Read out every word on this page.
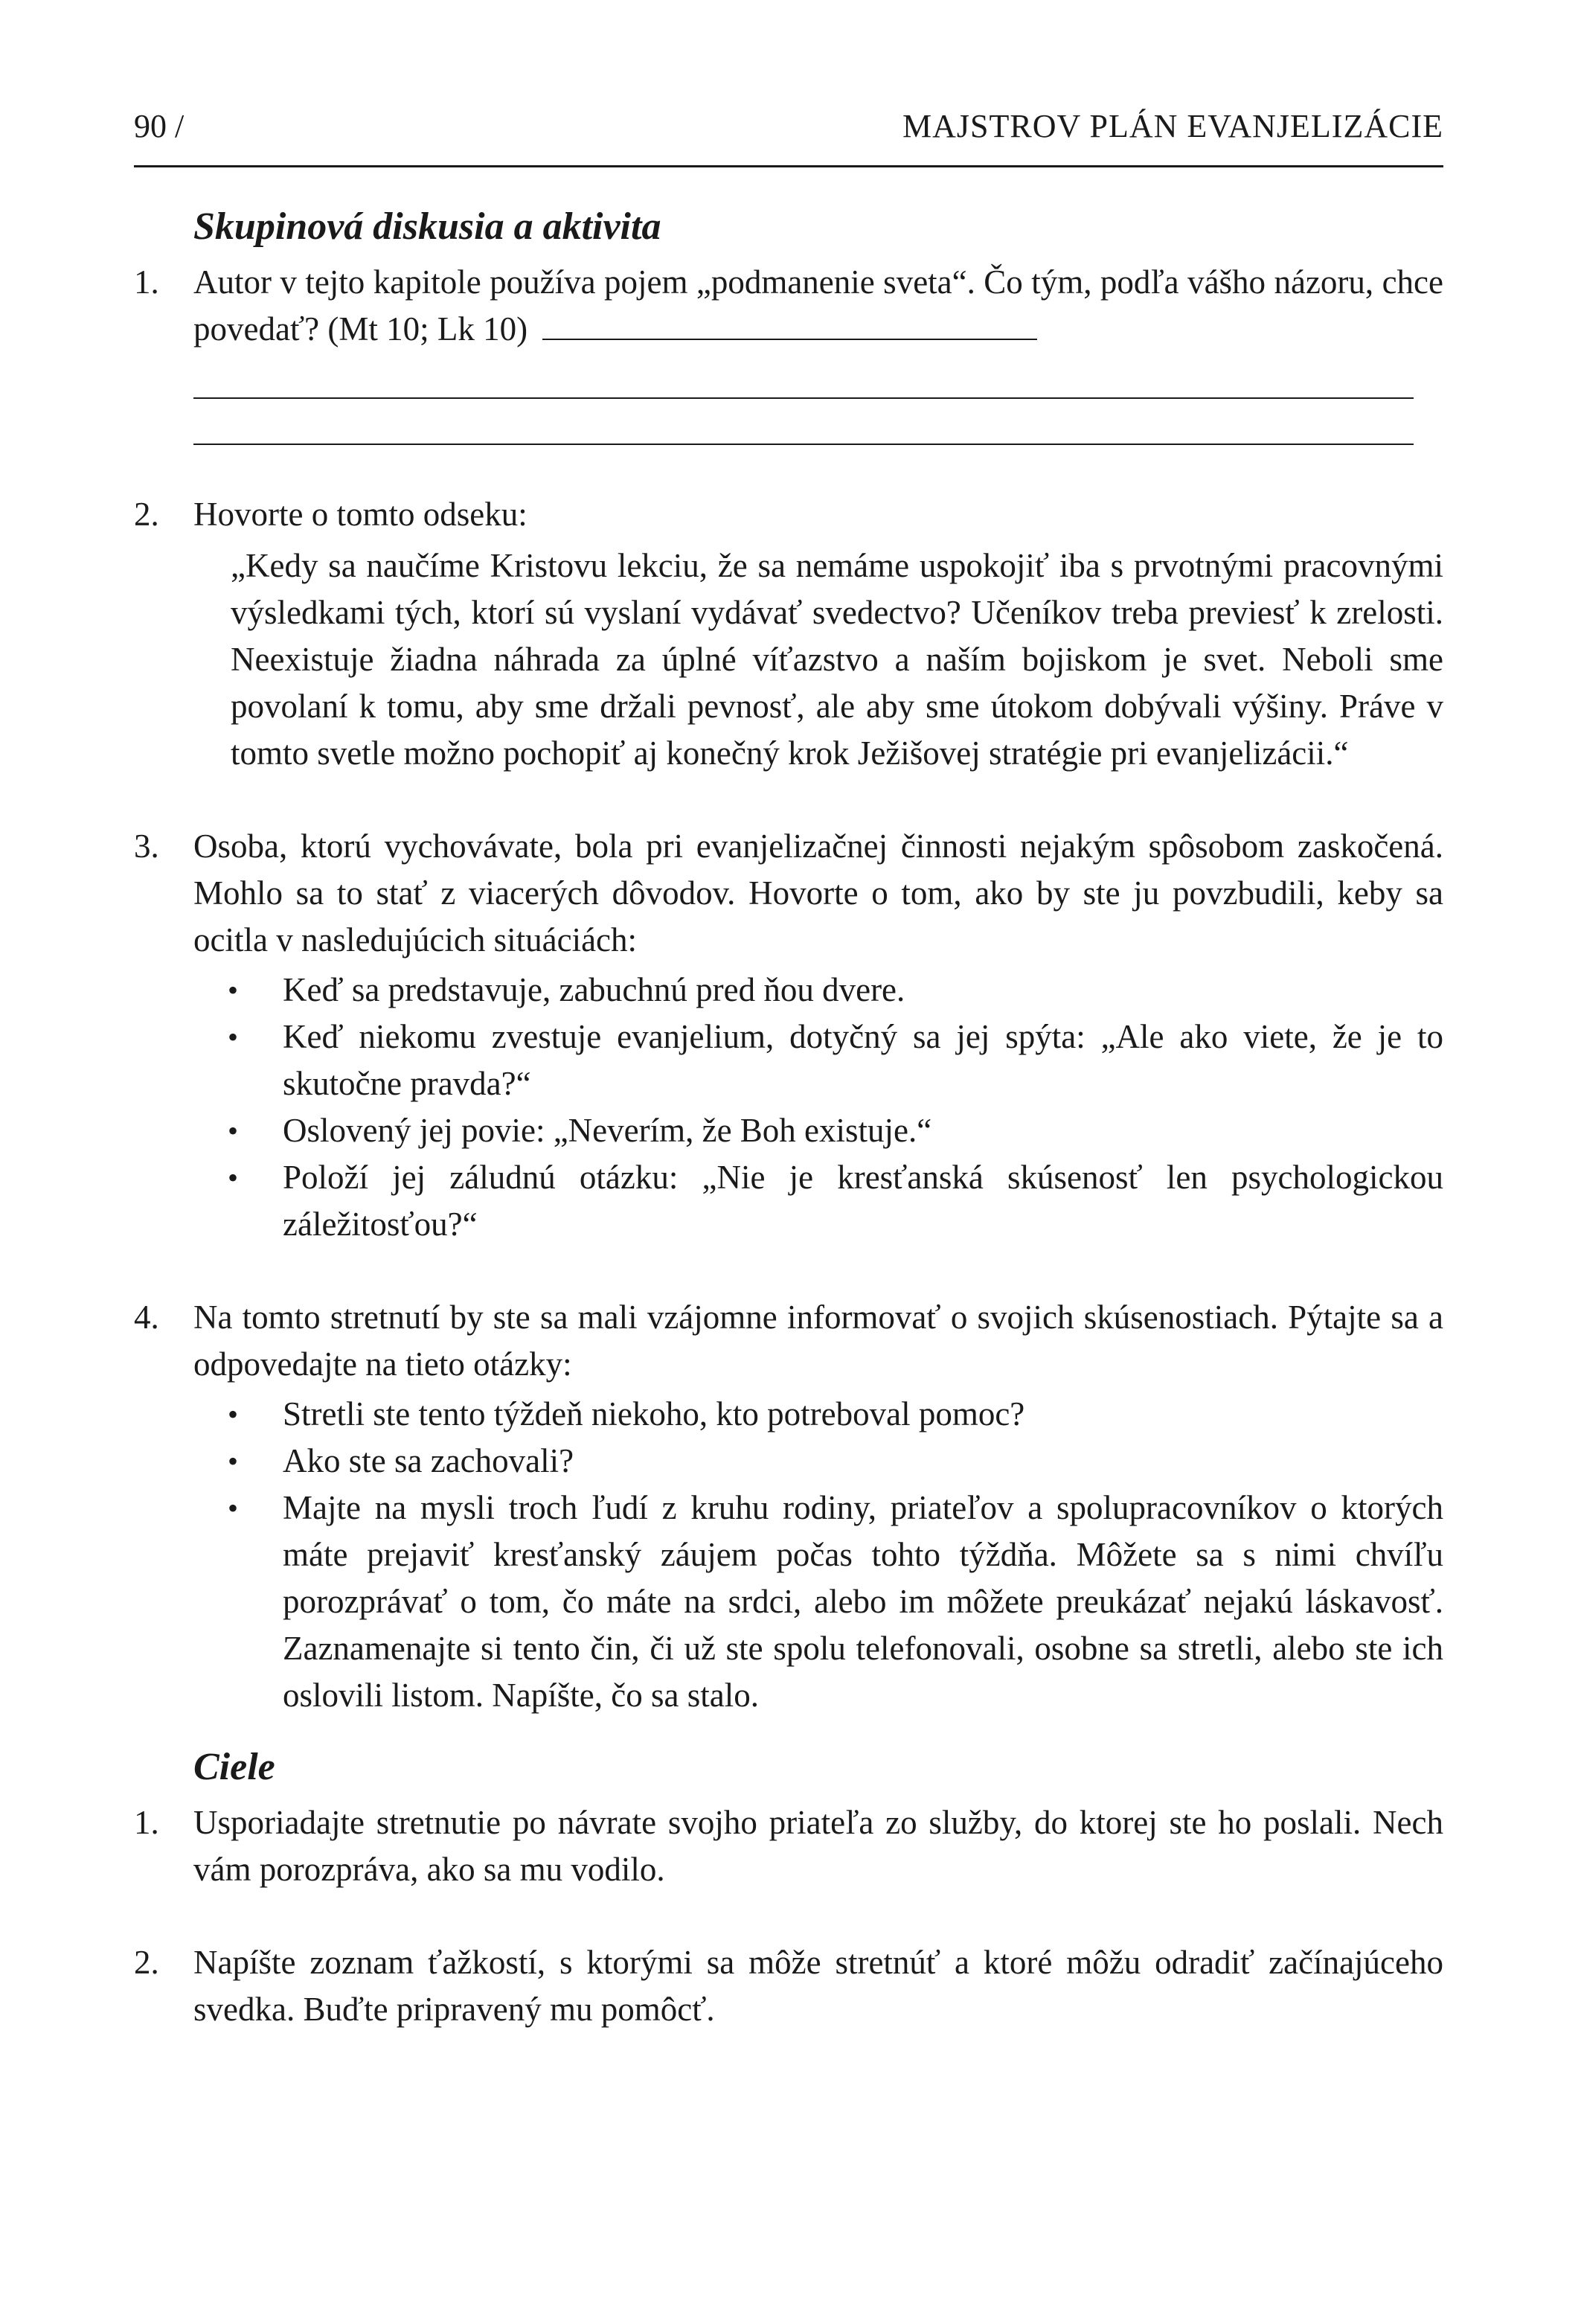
90 /	MAJSTROV PLÁN EVANJELIZÁCIE
Skupinová diskusia a aktivita
1. Autor v tejto kapitole používa pojem „podmanenie sveta“. Čo tým, podľa vášho názoru, chce povedať? (Mt 10; Lk 10)
2. Hovorte o tomto odseku:
„Kedy sa naučíme Kristovu lekciu, že sa nemáme uspokojiť iba s prvotnými pracovnými výsledkami tých, ktorí sú vyslaní vydávať svedectvo? Učeníkov treba previesť k zrelosti. Neexistuje žiadna náhrada za úplné víťazstvo a naším bojiskom je svet. Neboli sme povolaní k tomu, aby sme držali pevnosť, ale aby sme útokom dobývali výšiny. Práve v tomto svetle možno pochopiť aj konečný krok Ježišovej stratégie pri evanjelizácii.“
3. Osoba, ktorú vychovávate, bola pri evanjelizačnej činnosti nejakým spôsobom zaskočená. Mohlo sa to stať z viacerých dôvodov. Hovorte o tom, ako by ste ju povzbudili, keby sa ocitla v nasledujúcich situáciách:
• Keď sa predstavuje, zabuchnú pred ňou dvere.
• Keď niekomu zvestuje evanjelium, dotyčný sa jej spýta: „Ale ako viete, že je to skutočne pravda?“
• Oslovený jej povie: „Neverím, že Boh existuje.“
• Položí jej záludnú otázku: „Nie je kresťanská skúsenosť len psychologickou záležitosťou?“
4. Na tomto stretnutí by ste sa mali vzájomne informovať o svojich skúsenostiach. Pýtajte sa a odpovedajte na tieto otázky:
• Stretli ste tento týždeň niekoho, kto potreboval pomoc?
• Ako ste sa zachovali?
• Majte na mysli troch ľudí z kruhu rodiny, priateľov a spolupracovníkov o ktorých máte prejaviť kresťanský záujem počas tohto týždňa. Môžete sa s nimi chvíľu porozprávať o tom, čo máte na srdci, alebo im môžete preukázať nejakú láskavosť. Zaznamenajte si tento čin, či už ste spolu telefonovali, osobne sa stretli, alebo ste ich oslovili listom. Napíšte, čo sa stalo.
Ciele
1. Usporiadajte stretnutie po návrate svojho priateľa zo služby, do ktorej ste ho poslali. Nech vám porozpráva, ako sa mu vodilo.
2. Napíšte zoznam ťažkostí, s ktorými sa môže stretnúť a ktoré môžu odradiť začínajúceho svedka. Buďte pripravený mu pomôcť.
